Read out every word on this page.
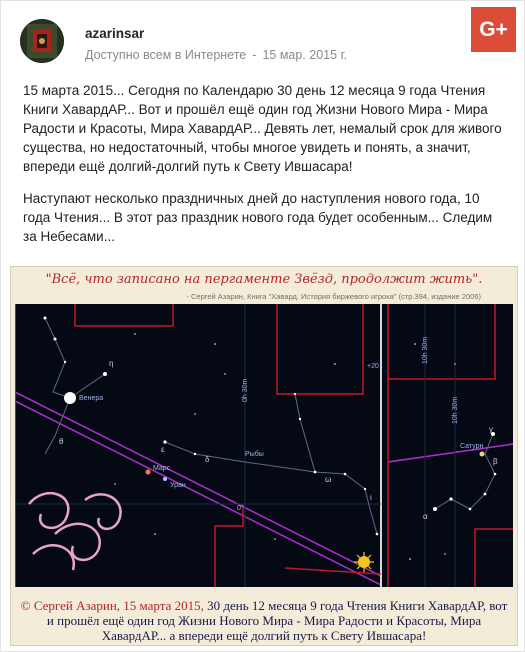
G+
azarinsar
Доступно всем в Интернете - 15 мар. 2015 г.

15 марта 2015... Сегодня по Календарю 30 день 12 месяца 9 года Чтения Книги ХавардАР... Вот и прошёл ещё один год Жизни Нового Мира - Мира Радости и Красоты, Мира ХавардАР... Девять лет, немалый срок для живого существа, но недостаточный, чтобы многое увидеть и понять, а значит, впереди ещё долгий-долгий путь к Свету Ившасара!

Наступают несколько праздничных дней до наступления нового года, 10 года Чтения... В этот раз праздник нового года будет особенным... Следим за Небесами...

"Всё, что записано на пергаменте Звёзд, продолжит жить".
- Сергей Азарин, Книга "Хавард. История биржевого игрока" (стр.394, издание 2006)
Венера
Марс
Уран
Рыбы
Сатурн
+20
0°
0h 30m
10h 30m
10h 30m
η
α
β
δ
ε
θ
ω
ι
γ
© Сергей Азарин, 15 марта 2015, 30 день 12 месяца 9 года Чтения Книги ХавардАР, вот и прошёл ещё один год Жизни Нового Мира - Мира Радости и Красоты, Мира ХавардАР... а впереди ещё долгий путь к Свету Ившасара!
